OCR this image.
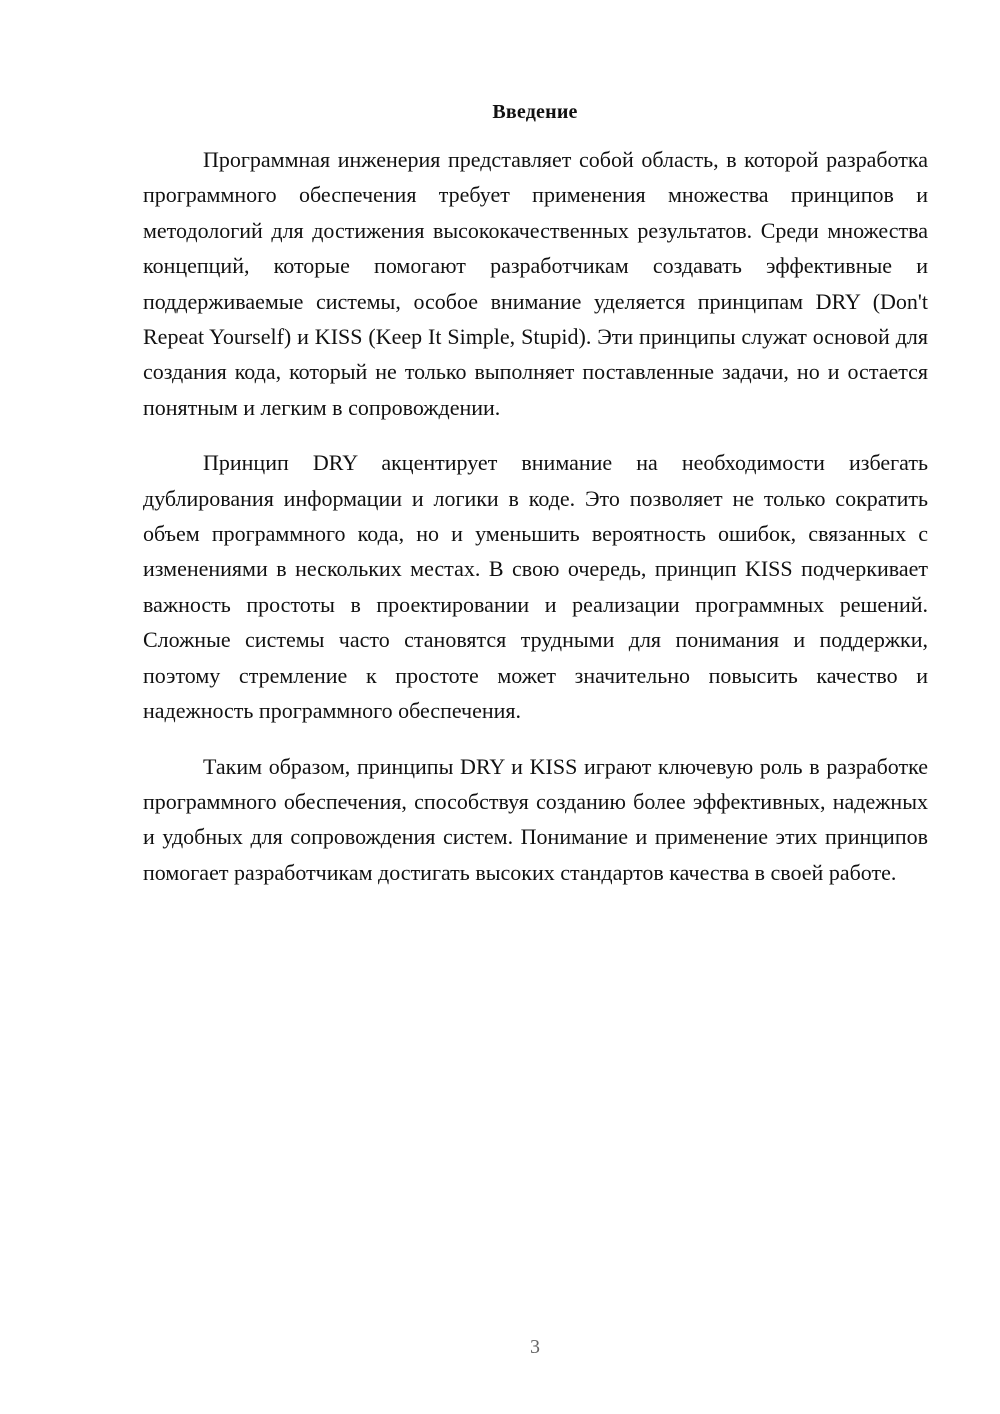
Введение

Программная инженерия представляет собой область, в которой разработка программного обеспечения требует применения множества принципов и методологий для достижения высококачественных результатов. Среди множества концепций, которые помогают разработчикам создавать эффективные и поддерживаемые системы, особое внимание уделяется принципам DRY (Don't Repeat Yourself) и KISS (Keep It Simple, Stupid). Эти принципы служат основой для создания кода, который не только выполняет поставленные задачи, но и остается понятным и легким в сопровождении.

Принцип DRY акцентирует внимание на необходимости избегать дублирования информации и логики в коде. Это позволяет не только сократить объем программного кода, но и уменьшить вероятность ошибок, связанных с изменениями в нескольких местах. В свою очередь, принцип KISS подчеркивает важность простоты в проектировании и реализации программных решений. Сложные системы часто становятся трудными для понимания и поддержки, поэтому стремление к простоте может значительно повысить качество и надежность программного обеспечения.

Таким образом, принципы DRY и KISS играют ключевую роль в разработке программного обеспечения, способствуя созданию более эффективных, надежных и удобных для сопровождения систем. Понимание и применение этих принципов помогает разработчикам достигать высоких стандартов качества в своей работе.

3
